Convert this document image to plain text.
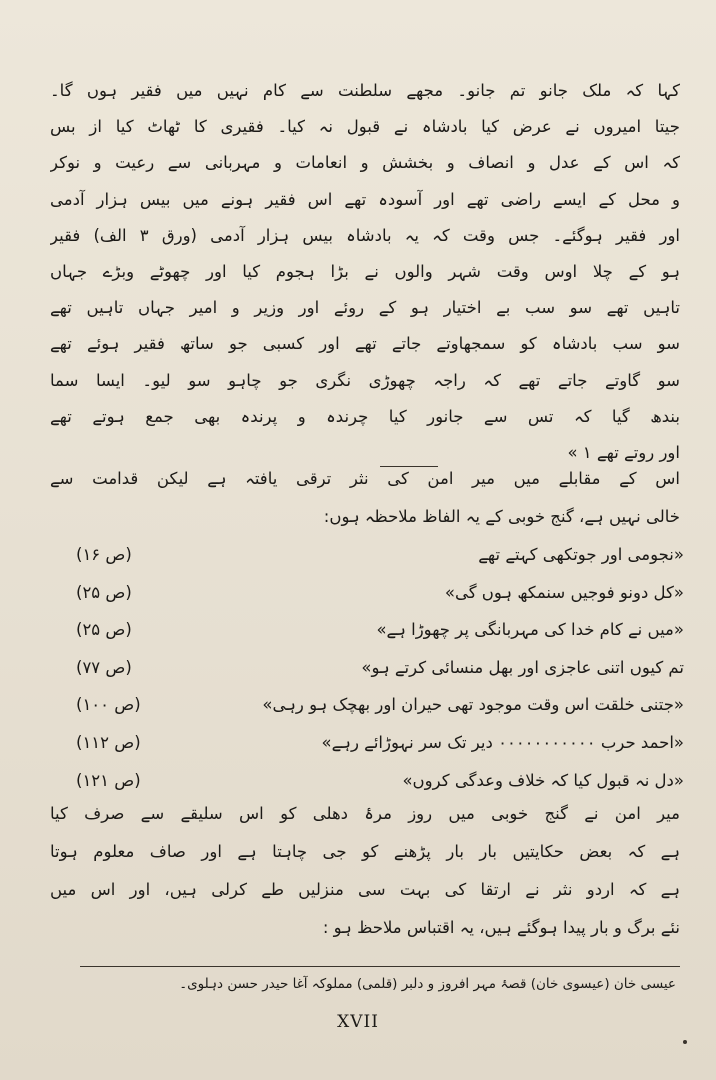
کہا کہ ملک جانو تم جانو۔ مجھے سلطنت سے کام نہیں میں فقیر ہوں گا۔
جیتا امیروں نے عرض کیا بادشاہ نے قبول نہ کیا۔ فقیری کا ٹھاٹ کیا از بس
کہ اس کے عدل و انصاف و بخشش و انعامات و مہربانی سے رعیت و نوکر
و محل کے ایسے راضی تھے اور آسودہ تھے اس فقیر ہونے میں بیس ہزار آدمی
اور فقیر ہوگئے۔ جس وقت کہ یہ بادشاہ بیس ہزار آدمی (ورق ۳ الف) فقیر
ہو کے چلا اوس وقت شہر والوں نے بڑا ہجوم کیا اور چھوٹے وبڑے جہاں
تاہیں تھے سو سب بے اختیار ہو کے روئے اور وزیر و امیر جہاں تاہیں تھے
سو سب بادشاہ کو سمجھاوتے جاتے تھے اور کسبی جو ساتھ فقیر ہوئے تھے
سو گاوتے جاتے تھے کہ راجہ چھوڑی نگری جو چاہو سو لیو۔ ایسا سما
بندھ گیا کہ تس سے جانور کیا چرندہ و پرندہ بھی جمع ہوتے تھے
اور روتے تھے ۱ »
اس کے مقابلے میں میر امن کی نثر ترقی یافتہ ہے لیکن قدامت سے
خالی نہیں ہے، گنج خوبی کے یہ الفاظ ملاحظہ ہوں:
«نجومی اور جوتکھی کہتے تھے
(ص ۱۶)
«کل دونو فوجیں سنمکھ ہوں گی»
(ص ۲۵)
«میں نے کام خدا کی مہربانگی پر چھوڑا ہے»
(ص ۲۵)
تم کیوں اتنی عاجزی اور بھل منسائی کرتے ہو»
(ص ۷۷)
«جتنی خلقت اس وقت موجود تھی حیران اور بھچک ہو رہی»
(ص ۱۰۰)
«احمد حرب ۰۰۰۰۰۰۰۰۰۰۰ دیر تک سر نہوڑائے رہے»
(ص ۱۱۲)
«دل نہ قبول کیا کہ خلاف وعدگی کروں»
(ص ۱۲۱)
میر امن نے گنج خوبی میں روز مرۂ دھلی کو اس سلیقے سے صرف کیا
ہے کہ بعض حکایتیں بار بار پڑھنے کو جی چاہتا ہے اور صاف معلوم ہوتا
ہے کہ اردو نثر نے ارتقا کی بہت سی منزلیں طے کرلی ہیں، اور اس میں
نئے برگ و بار پیدا ہوگئے ہیں، یہ اقتباس ملاحظ ہو :
عیسی خان (عیسوی خان) قصۂ مہر افروز و دلبر (قلمی) مملوکہ آغا حیدر حسن دہلوی۔
XVII
